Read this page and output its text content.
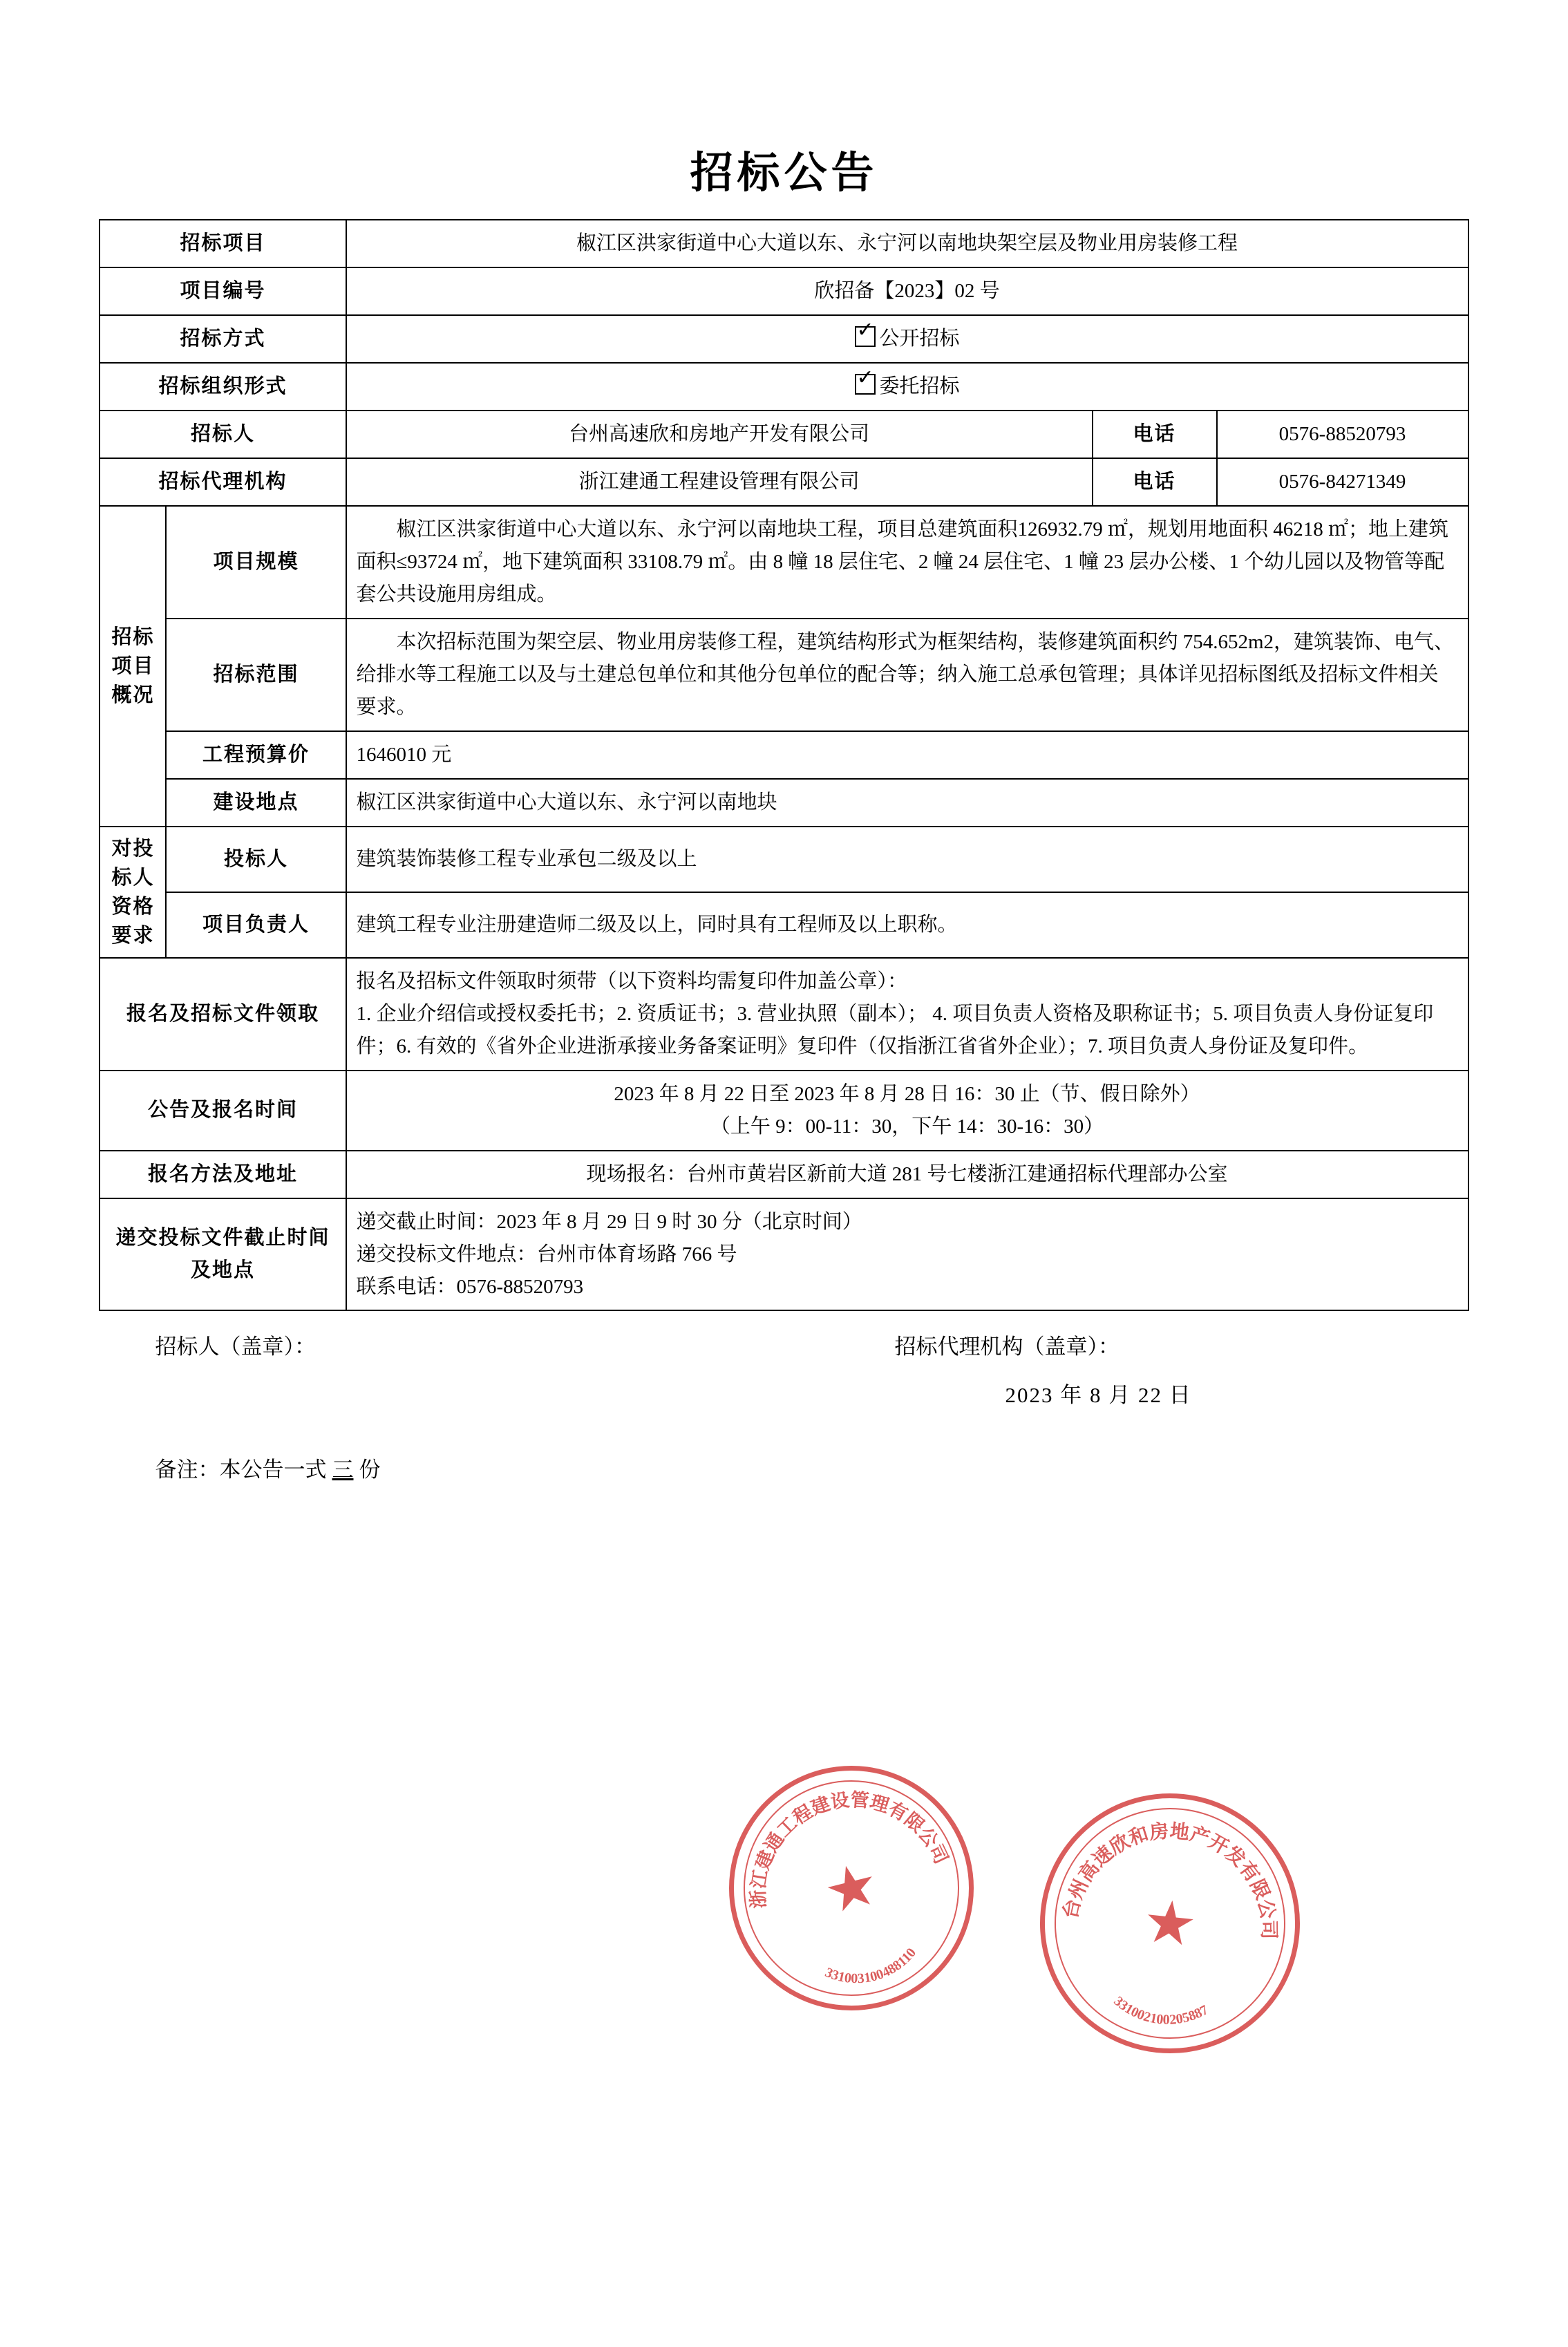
招标公告
招标项目		椒江区洪家街道中心大道以东、永宁河以南地块架空层及物业用房装修工程		
项目编号		欣招备【2023】02 号		
招标方式	✓公开招标
招标组织形式	✓委托招标
招标人		台州高速欣和房地产开发有限公司	电话	0576-88520793
招标代理机构		浙江建通工程建设管理有限公司	电话	0576-84271349

招标项目概况	项目规模	椒江区洪家街道中心大道以东、永宁河以南地块工程，项目总建筑面积126932.79 ㎡，规划用地面积 46218 ㎡；地上建筑面积≤93724 ㎡，地下建筑面积 33108.79 ㎡。由 8 幢 18 层住宅、2 幢 24 层住宅、1 幢 23 层办公楼、1 个幼儿园以及物管等配套公共设施用房组成。		

	招标范围	本次招标范围为架空层、物业用房装修工程，建筑结构形式为框架结构，装修建筑面积约 754.652m2，建筑装饰、电气、给排水等工程施工以及与土建总包单位和其他分包单位的配合等；纳入施工总承包管理；具体详见招标图纸及招标文件相关要求。		

	工程预算价	1646010 元		
	建设地点	椒江区洪家街道中心大道以东、永宁河以南地块		

对投标人资格要求	投标人	建筑装饰装修工程专业承包二级及以上		
	项目负责人	建筑工程专业注册建造师二级及以上，同时具有工程师及以上职称。		
报名及招标文件领取		报名及招标文件领取时须带（以下资料均需复印件加盖公章）：

1. 企业介绍信或授权委托书；2. 资质证书；3. 营业执照（副本）； 4. 项目负责人资格及职称证书；5. 项目负责人身份证复印件；6. 有效的《省外企业进浙承接业务备案证明》复印件（仅指浙江省省外企业）；7. 项目负责人身份证及复印件。		

公告及报名时间		2023 年 8 月 22 日至 2023 年 8 月 28 日 16：30 止（节、假日除外）

（上午 9：00-11：30，下午 14：30-16：30）		

报名方法及地址		现场报名：台州市黄岩区新前大道 281 号七楼浙江建通招标代理部办公室		
递交投标文件截止时间及地点		递交截止时间：2023 年 8 月 29 日 9 时 30 分（北京时间）

递交投标文件地点：台州市体育场路 766 号

联系电话：0576-88520793		

招标人（盖章）：	招标代理机构（盖章）：
2023 年 8 月 22 日
备注：本公告一式 三 份
★
浙江建通工程建设管理有限公司
331003100488110	★
台州高速欣和房地产开发有限公司
331002100205887
